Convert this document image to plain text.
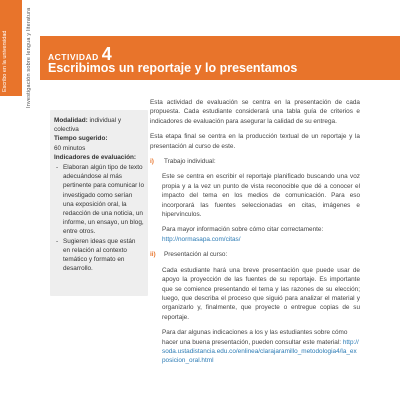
Escribo en la universidad	Investigación sobre lengua y literatura	ACTIVIDAD 4
Escribimos un reportaje y lo presentamos

Modalidad: individual y colectiva

Tiempo sugerido:
60 minutos

Indicadores de evaluación:

- Elaboran algún tipo de texto adecuándose al más pertinente para comunicar lo investigado como serían una exposición oral, la redacción de una noticia, un informe, un ensayo, un blog, entre otros.
- Sugieren ideas que están en relación al contexto temático y formato en desarrollo.

Esta actividad de evaluación se centra en la presentación de cada propuesta. Cada estudiante considerará una tabla guía de criterios e indicadores de evaluación para asegurar la calidad de su entrega.

Esta etapa final se centra en la producción textual de un reportaje y la presentación al curso de este.

i) Trabajo individual:

Este se centra en escribir el reportaje planificado buscando una voz propia y a la vez un punto de vista reconocible que dé a conocer el impacto del tema en los medios de comunicación. Para eso incorporará las fuentes seleccionadas en citas, imágenes e hipervínculos.

Para mayor información sobre cómo citar correctamente: http://normasapa.com/citas/

ii) Presentación al curso:

Cada estudiante hará una breve presentación que puede usar de apoyo la proyección de las fuentes de su reportaje. Es importante que se comience presentando el tema y las razones de su elección; luego, que describa el proceso que siguió para analizar el material y organizarlo y, finalmente, que proyecte o entregue copias de su reportaje.

Para dar algunas indicaciones a los y las estudiantes sobre cómo hacer una buena presentación, pueden consultar este material: http://soda.ustadistancia.edu.co/enlinea/clarajaramillo_metodologia4/la_exposicion_oral.html
